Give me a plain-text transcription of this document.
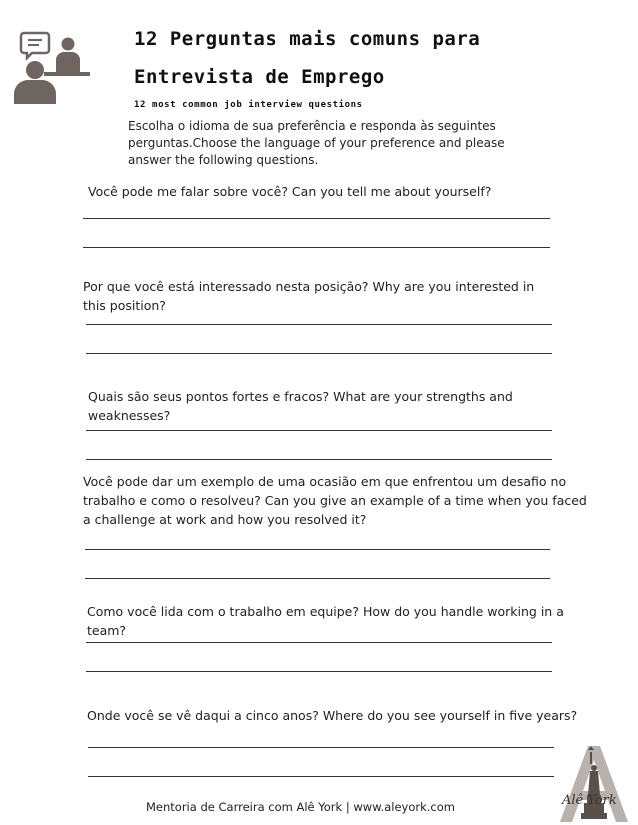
12 Perguntas mais comuns para
Entrevista de Emprego
12 most common job interview questions
Escolha o idioma de sua preferência e responda às seguintes perguntas.Choose the language of your preference and please answer the following questions.
Você pode me falar sobre você? Can you tell me about yourself?
Por que você está interessado nesta posição? Why are you interested in this position?
Quais são seus pontos fortes e fracos? What are your strengths and weaknesses?
Você pode dar um exemplo de uma ocasião em que enfrentou um desafio no trabalho e como o resolveu? Can you give an example of a time when you faced a challenge at work and how you resolved it?
Como você lida com o trabalho em equipe? How do you handle working in a team?
Onde você se vê daqui a cinco anos? Where do you see yourself in five years?
Mentoria de Carreira com Alê York | www.aleyork.com	Alê York
